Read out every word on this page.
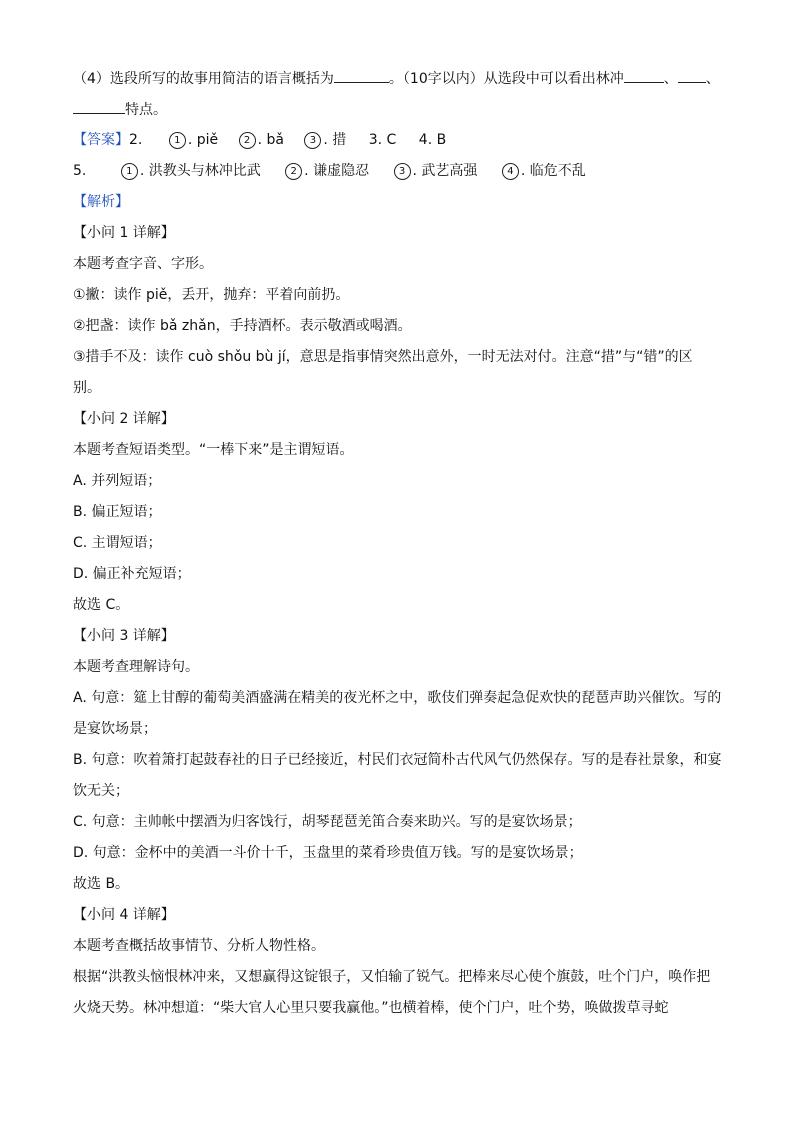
（4）选段所写的故事用简洁的语言概括为	。（10字以内）从选段中可以看出林冲	、 、
特点。
【答案】2.	1 . piě	2 . bǎ	3 . 措 3. C 4. B
5.	1 . 洪教头与林冲比武	2 . 谦虚隐忍	3 . 武艺高强	4 . 临危不乱
【解析】
【小问 1 详解】
本题考查字音、字形。
①撇：读作 piě，丢开，抛弃：平着向前扔。
②把盏：读作 bǎ zhǎn，手持酒杯。表示敬酒或喝酒。
③措手不及：读作 cuò shǒu bù jí，意思是指事情突然出意外，一时无法对付。注意“措”与“错”的区
别。
【小问 2 详解】
本题考查短语类型。“一棒下来”是主谓短语。
A. 并列短语；
B. 偏正短语；
C. 主谓短语；
D. 偏正补充短语；
故选 C。
【小问 3 详解】
本题考查理解诗句。
A. 句意：筵上甘醇的葡萄美酒盛满在精美的夜光杯之中，歌伎们弹奏起急促欢快的琵琶声助兴催饮。写的
是宴饮场景；
B. 句意：吹着箫打起鼓春社的日子已经接近，村民们衣冠简朴古代风气仍然保存。写的是春社景象，和宴
饮无关；
C. 句意：主帅帐中摆酒为归客饯行，胡琴琵琶羌笛合奏来助兴。写的是宴饮场景；
D. 句意：金杯中的美酒一斗价十千，玉盘里的菜肴珍贵值万钱。写的是宴饮场景；
故选 B。
【小问 4 详解】
本题考查概括故事情节、分析人物性格。
根据“洪教头恼恨林冲来，又想赢得这锭银子，又怕输了锐气。把棒来尽心使个旗鼓，吐个门户，唤作把
火烧天势。林冲想道：“柴大官人心里只要我赢他。”也横着棒，使个门户，吐个势，唤做拨草寻蛇
